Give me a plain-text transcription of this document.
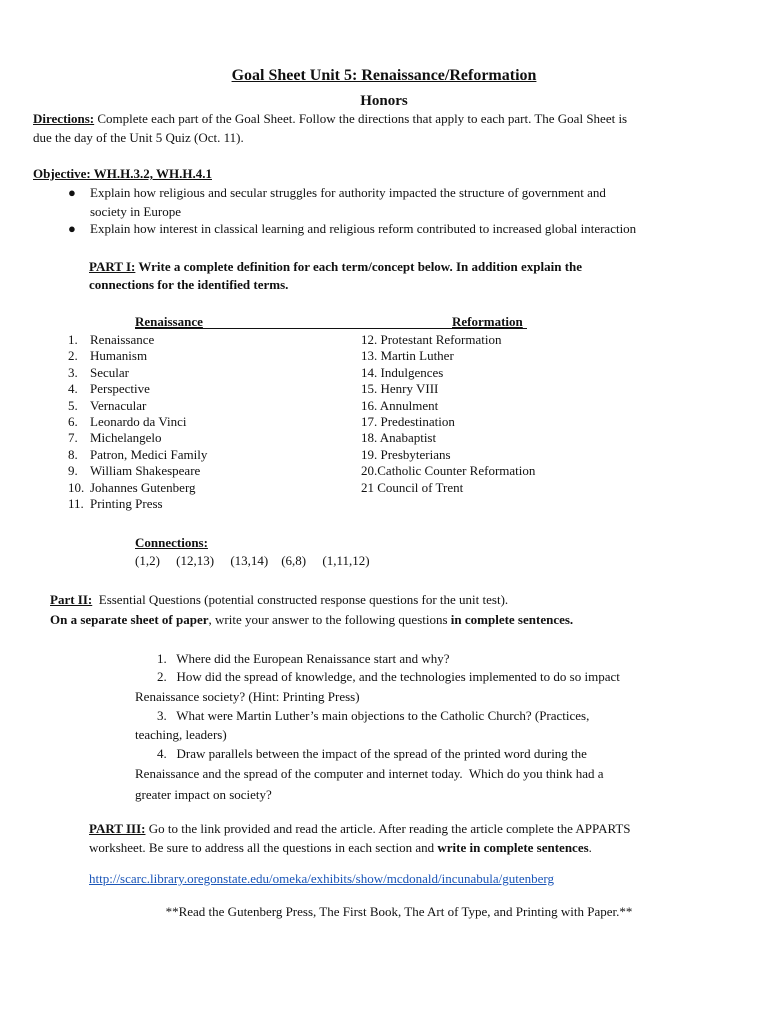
Goal Sheet Unit 5: Renaissance/Reformation
Honors
Directions: Complete each part of the Goal Sheet. Follow the directions that apply to each part. The Goal Sheet is
due the day of the Unit 5 Quiz (Oct. 11).
Objective: WH.H.3.2, WH.H.4.1
● Explain how religious and secular struggles for authority impacted the structure of government and
society in Europe
● Explain how interest in classical learning and religious reform contributed to increased global interaction
PART I: Write a complete definition for each term/concept below. In addition explain the
connections for the identified terms.
Renaissance	Reformation
1. Renaissance
2. Humanism
3. Secular
4. Perspective
5. Vernacular
6. Leonardo da Vinci
7. Michelangelo
8. Patron, Medici Family
9. William Shakespeare
10. Johannes Gutenberg
11. Printing Press
12. Protestant Reformation
13. Martin Luther
14. Indulgences
15. Henry VIII
16. Annulment
17. Predestination
18. Anabaptist
19. Presbyterians
20.Catholic Counter Reformation
21 Council of Trent
Connections:
(1,2)     (12,13)     (13,14)    (6,8)     (1,11,12)
Part II:  Essential Questions (potential constructed response questions for the unit test).
On a separate sheet of paper, write your answer to the following questions in complete sentences.
1.   Where did the European Renaissance start and why?
2.   How did the spread of knowledge, and the technologies implemented to do so impact
Renaissance society? (Hint: Printing Press)
3.   What were Martin Luther’s main objections to the Catholic Church? (Practices,
teaching, leaders)
4.   Draw parallels between the impact of the spread of the printed word during the
Renaissance and the spread of the computer and internet today.  Which do you think had a
greater impact on society?
PART III: Go to the link provided and read the article. After reading the article complete the APPARTS
worksheet. Be sure to address all the questions in each section and write in complete sentences.
http://scarc.library.oregonstate.edu/omeka/exhibits/show/mcdonald/incunabula/gutenberg
**Read the Gutenberg Press, The First Book, The Art of Type, and Printing with Paper.**
